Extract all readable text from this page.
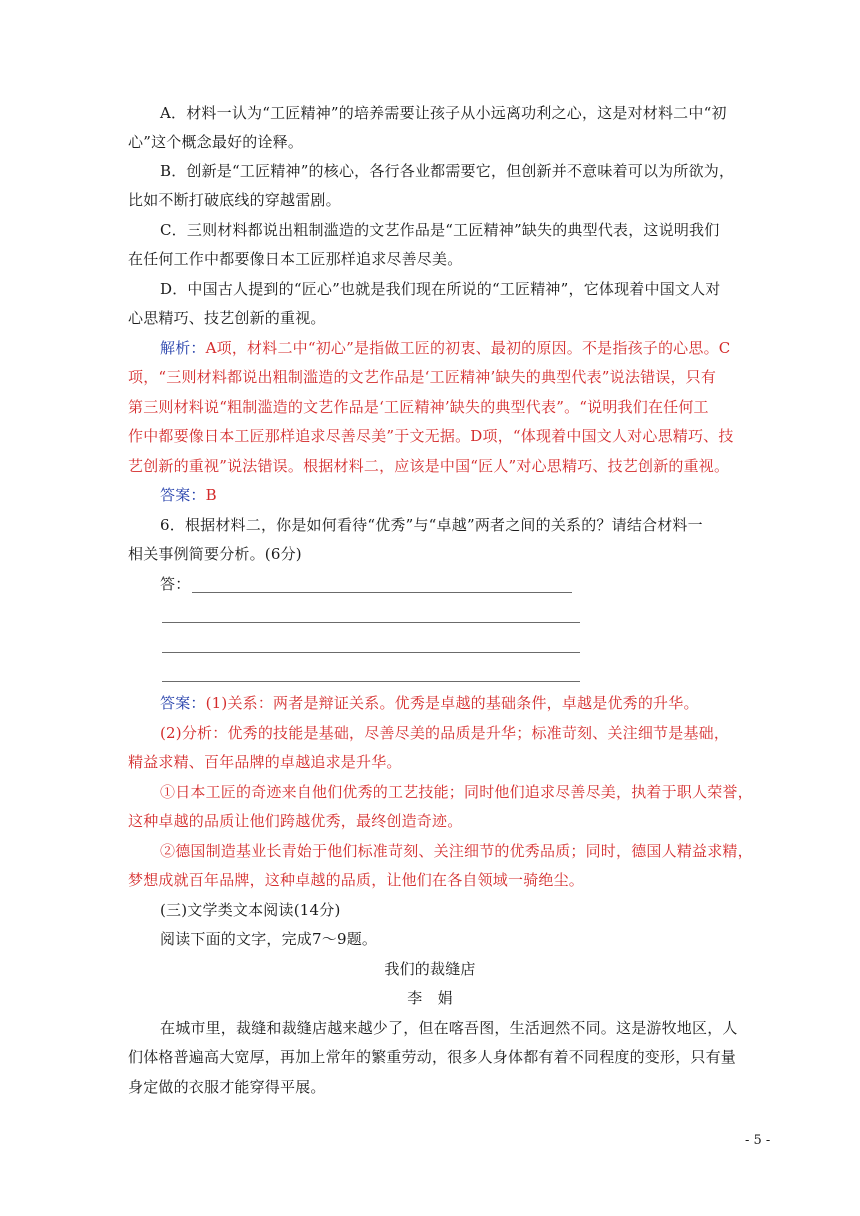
A．材料一认为“工匠精神”的培养需要让孩子从小远离功利之心，这是对材料二中“初
心”这个概念最好的诠释。
B．创新是“工匠精神”的核心，各行各业都需要它，但创新并不意味着可以为所欲为，
比如不断打破底线的穿越雷剧。
C．三则材料都说出粗制滥造的文艺作品是“工匠精神”缺失的典型代表，这说明我们
在任何工作中都要像日本工匠那样追求尽善尽美。
D．中国古人提到的“匠心”也就是我们现在所说的“工匠精神”，它体现着中国文人对
心思精巧、技艺创新的重视。
解析：A项，材料二中“初心”是指做工匠的初衷、最初的原因。不是指孩子的心思。C
项，“三则材料都说出粗制滥造的文艺作品是‘工匠精神’缺失的典型代表”说法错误，只有
第三则材料说“粗制滥造的文艺作品是‘工匠精神’缺失的典型代表”。“说明我们在任何工
作中都要像日本工匠那样追求尽善尽美”于文无据。D项，“体现着中国文人对心思精巧、技
艺创新的重视”说法错误。根据材料二，应该是中国“匠人”对心思精巧、技艺创新的重视。
答案：B
6．根据材料二，你是如何看待“优秀”与“卓越”两者之间的关系的？请结合材料一
相关事例简要分析。(6分)
答：
答案：(1)关系：两者是辩证关系。优秀是卓越的基础条件，卓越是优秀的升华。
(2)分析：优秀的技能是基础，尽善尽美的品质是升华；标准苛刻、关注细节是基础，
精益求精、百年品牌的卓越追求是升华。
①日本工匠的奇迹来自他们优秀的工艺技能；同时他们追求尽善尽美，执着于职人荣誉，
这种卓越的品质让他们跨越优秀，最终创造奇迹。
②德国制造基业长青始于他们标准苛刻、关注细节的优秀品质；同时，德国人精益求精，
梦想成就百年品牌，这种卓越的品质，让他们在各自领域一骑绝尘。
(三)文学类文本阅读(14分)
阅读下面的文字，完成7～9题。
我们的裁缝店
李　娟
在城市里，裁缝和裁缝店越来越少了，但在喀吾图，生活迥然不同。这是游牧地区，人
们体格普遍高大宽厚，再加上常年的繁重劳动，很多人身体都有着不同程度的变形，只有量
身定做的衣服才能穿得平展。
- 5 -
